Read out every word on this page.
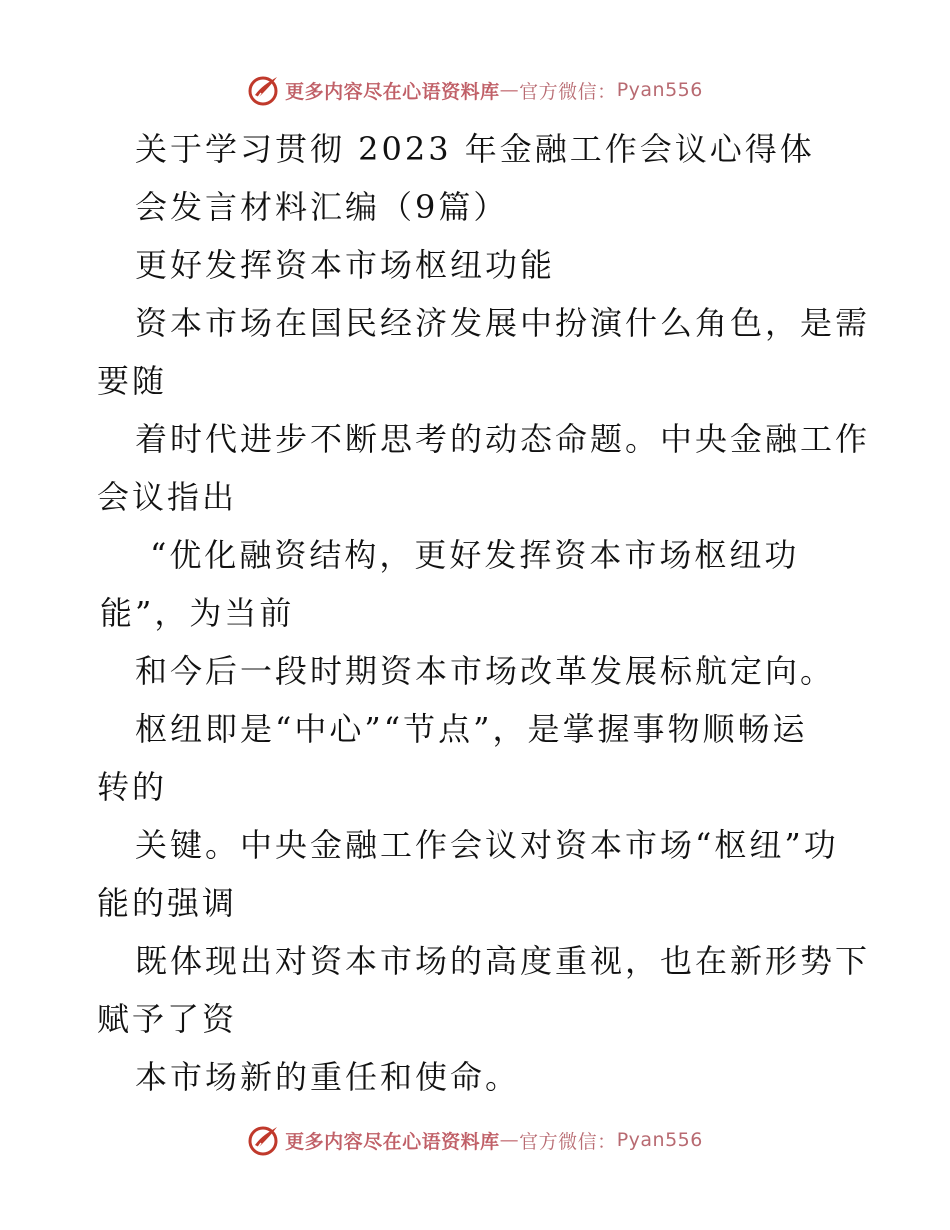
更多内容尽在心语资料库 — 官方微信： Pyan556
关于学习贯彻 2023 年金融工作会议心得体
会发言材料汇编（9篇）
更好发挥资本市场枢纽功能
资本市场在国民经济发展中扮演什么角色，是需
要随
着时代进步不断思考的动态命题。中央金融工作
会议指出
“优化融资结构，更好发挥资本市场枢纽功
能”，为当前
和今后一段时期资本市场改革发展标航定向。
枢纽即是“中心”“节点”，是掌握事物顺畅运
转的
关键。中央金融工作会议对资本市场“枢纽”功
能的强调
既体现出对资本市场的高度重视，也在新形势下
赋予了资
本市场新的重任和使命。
更多内容尽在心语资料库 — 官方微信： Pyan556
